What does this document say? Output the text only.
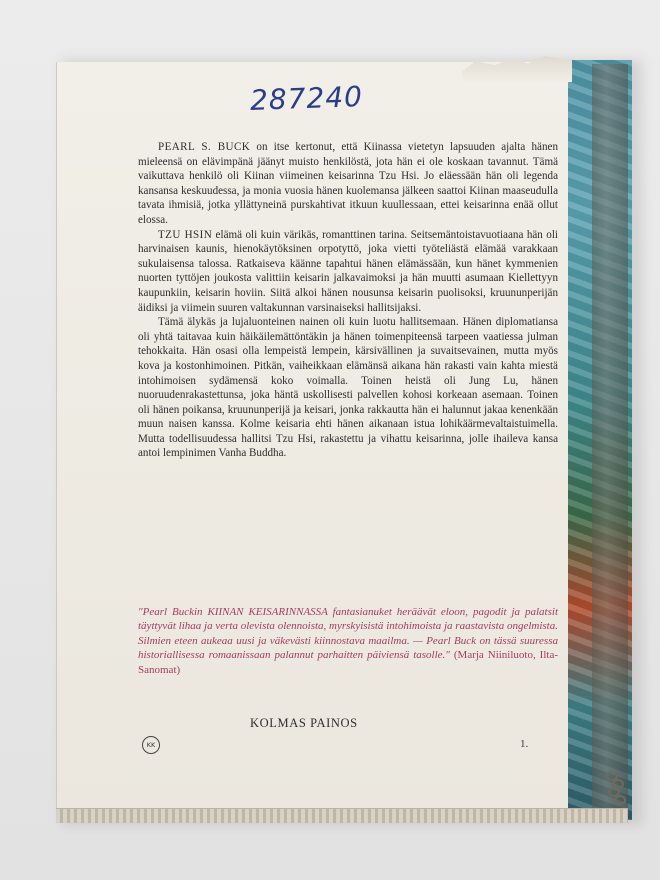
287240

PEARL S. BUCK on itse kertonut, että Kiinassa vietetyn lapsuuden ajalta hänen mieleensä on elävimpänä jäänyt muisto henkilöstä, jota hän ei ole koskaan tavannut. Tämä vaikuttava henkilö oli Kiinan viimeinen keisarinna Tzu Hsi. Jo eläessään hän oli legenda kansansa keskuudessa, ja monia vuosia hänen kuolemansa jälkeen saattoi Kiinan maaseudulla tavata ihmisiä, jotka yllättyneinä purskahtivat itkuun kuullessaan, ettei keisarinna enää ollut elossa.

TZU HSIN elämä oli kuin värikäs, romanttinen tarina. Seitsemäntoistavuotiaana hän oli harvinaisen kaunis, hienokäytöksinen orpotyttö, joka vietti työteliästä elämää varakkaan sukulaisensa talossa. Ratkaiseva käänne tapahtui hänen elämässään, kun hänet kymmenien nuorten tyttöjen joukosta valittiin keisarin jalkavaimoksi ja hän muutti asumaan Kiellettyyn kaupunkiin, keisarin hoviin. Siitä alkoi hänen nousunsa keisarin puolisoksi, kruununperijän äidiksi ja viimein suuren valtakunnan varsinaiseksi hallitsijaksi.

Tämä älykäs ja lujaluonteinen nainen oli kuin luotu hallitsemaan. Hänen diplomatiansa oli yhtä taitavaa kuin häikäilemättöntäkin ja hänen toimenpiteensä tarpeen vaatiessa julman tehokkaita. Hän osasi olla lempeistä lempein, kärsivällinen ja suvaitsevainen, mutta myös kova ja kostonhimoinen. Pitkän, vaiheikkaan elämänsä aikana hän rakasti vain kahta miestä intohimoisen sydämensä koko voimalla. Toinen heistä oli Jung Lu, hänen nuoruudenrakastettunsa, joka häntä uskollisesti palvellen kohosi korkeaan asemaan. Toinen oli hänen poikansa, kruununperijä ja keisari, jonka rakkautta hän ei halunnut jakaa kenenkään muun naisen kanssa. Kolme keisaria ehti hänen aikanaan istua lohikäärmevaltaistuimella. Mutta todellisuudessa hallitsi Tzu Hsi, rakastettu ja vihattu keisarinna, jolle ihaileva kansa antoi lempinimen Vanha Buddha.

"Pearl Buckin KIINAN KEISARINNASSA fantasianuket heräävät eloon, pagodit ja palatsit täyttyvät lihaa ja verta olevista olennoista, myrskyisistä intohimoista ja raastavista ongelmista. Silmien eteen aukeaa uusi ja väkevästi kiinnostava maailma. — Pearl Buck on tässä suuressa historiallisessa romaanissaan palannut parhaitten päiviensä tasolle." (Marja Niiniluoto, Ilta-Sanomat)
KOLMAS PAINOS
KK	1.
